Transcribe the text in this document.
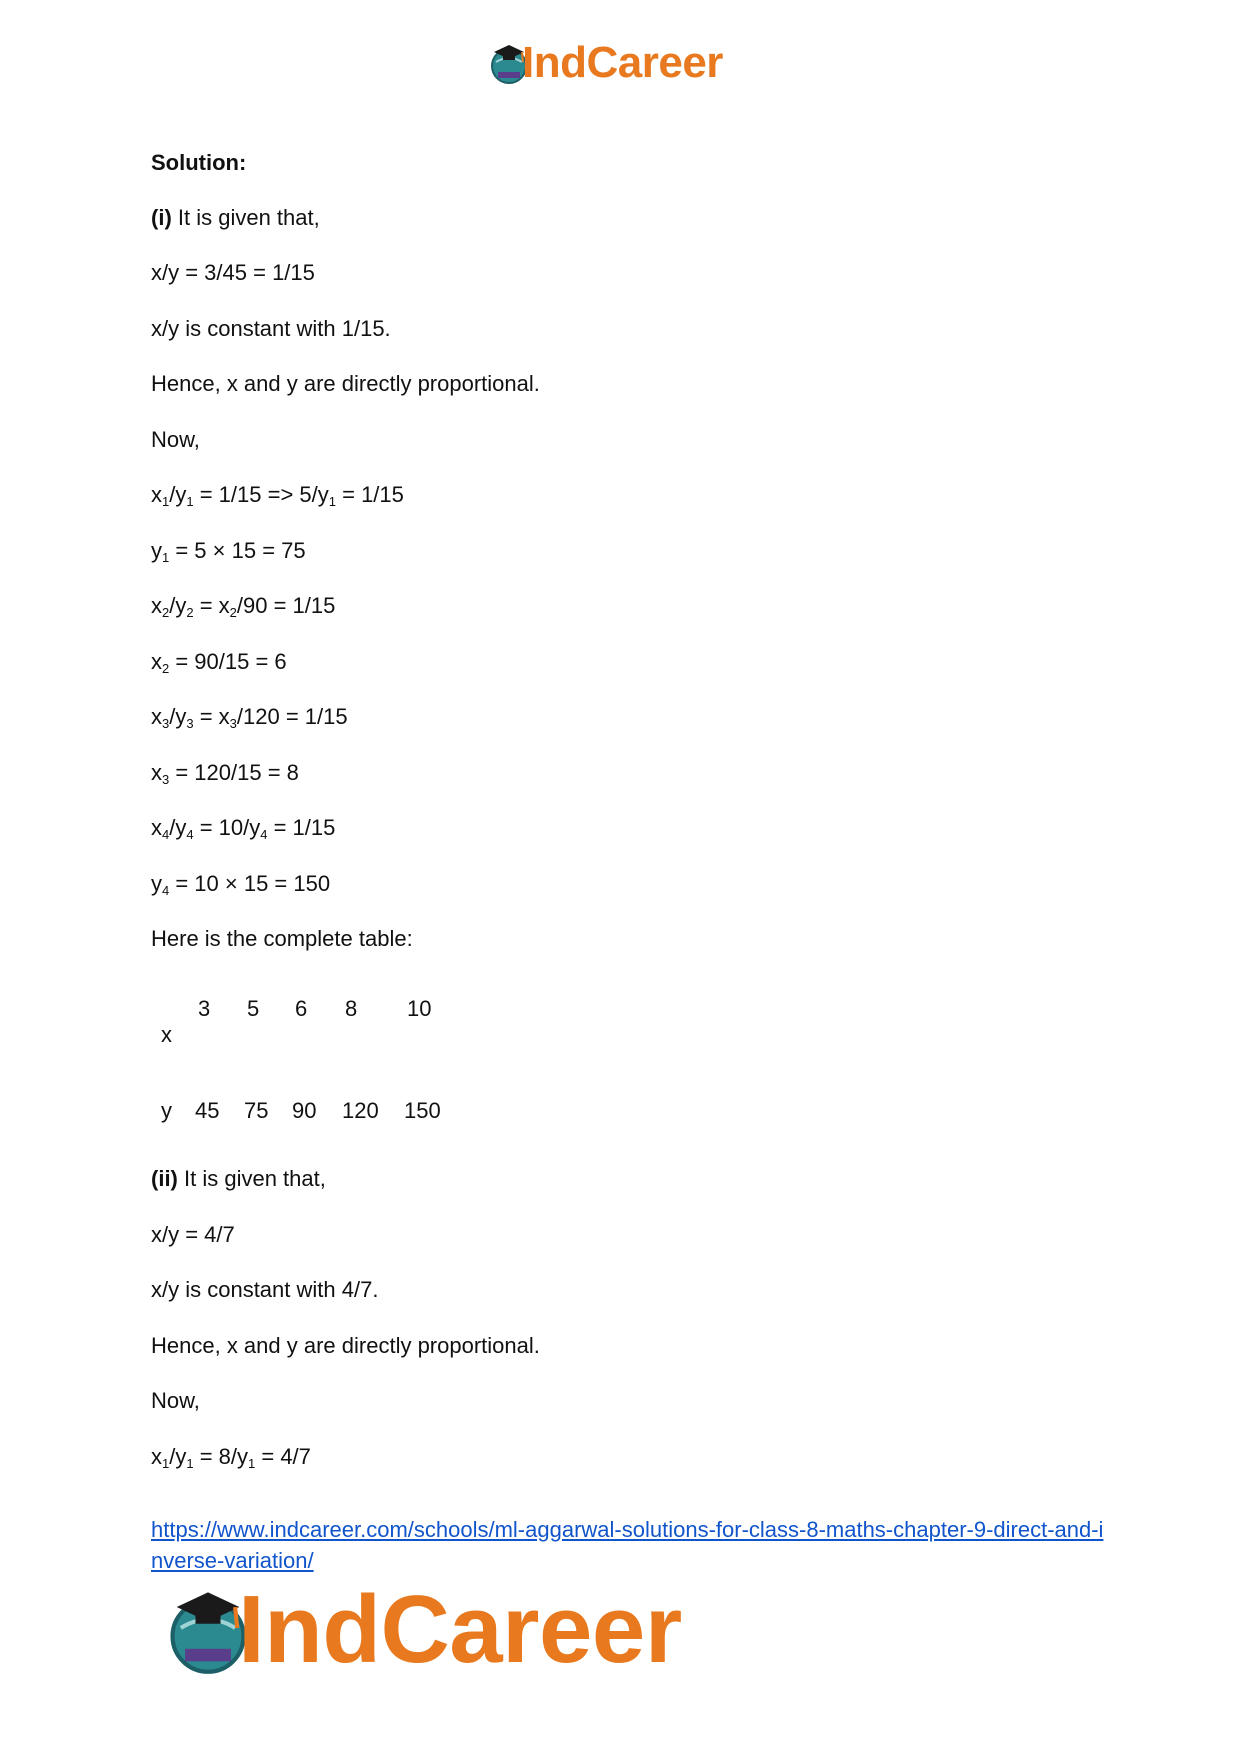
IndCareer
Solution:
(i) It is given that,
x/y = 3/45 = 1/15
x/y is constant with 1/15.
Hence, x and y are directly proportional.
Now,
$x_1/y_1 = 1/15 => 5/y_1 = 1/15$
$y_1 = 5 \times 15 = 75$
$x_2/y_2 = x_2/90 = 1/15$
$x_2 = 90/15 = 6$
$x_3/y_3 = x_3/120 = 1/15$
$x_3 = 120/15 = 8$
$x_4/y_4 = 10/y_4 = 1/15$
$y_4 = 10 \times 15 = 150$
Here is the complete table:
(ii) It is given that,
x/y = 4/7
x/y is constant with 4/7.
Hence, x and y are directly proportional.
Now,
$x_1/y_1 = 8/y_1 = 4/7$
x
3 5 6 8 10
y 45 75 90 120 150
https://www.indcareer.com/schools/ml-aggarwal-solutions-for-class-8-maths-chapter-9-direct-and-inverse-variation/
IndCareer
